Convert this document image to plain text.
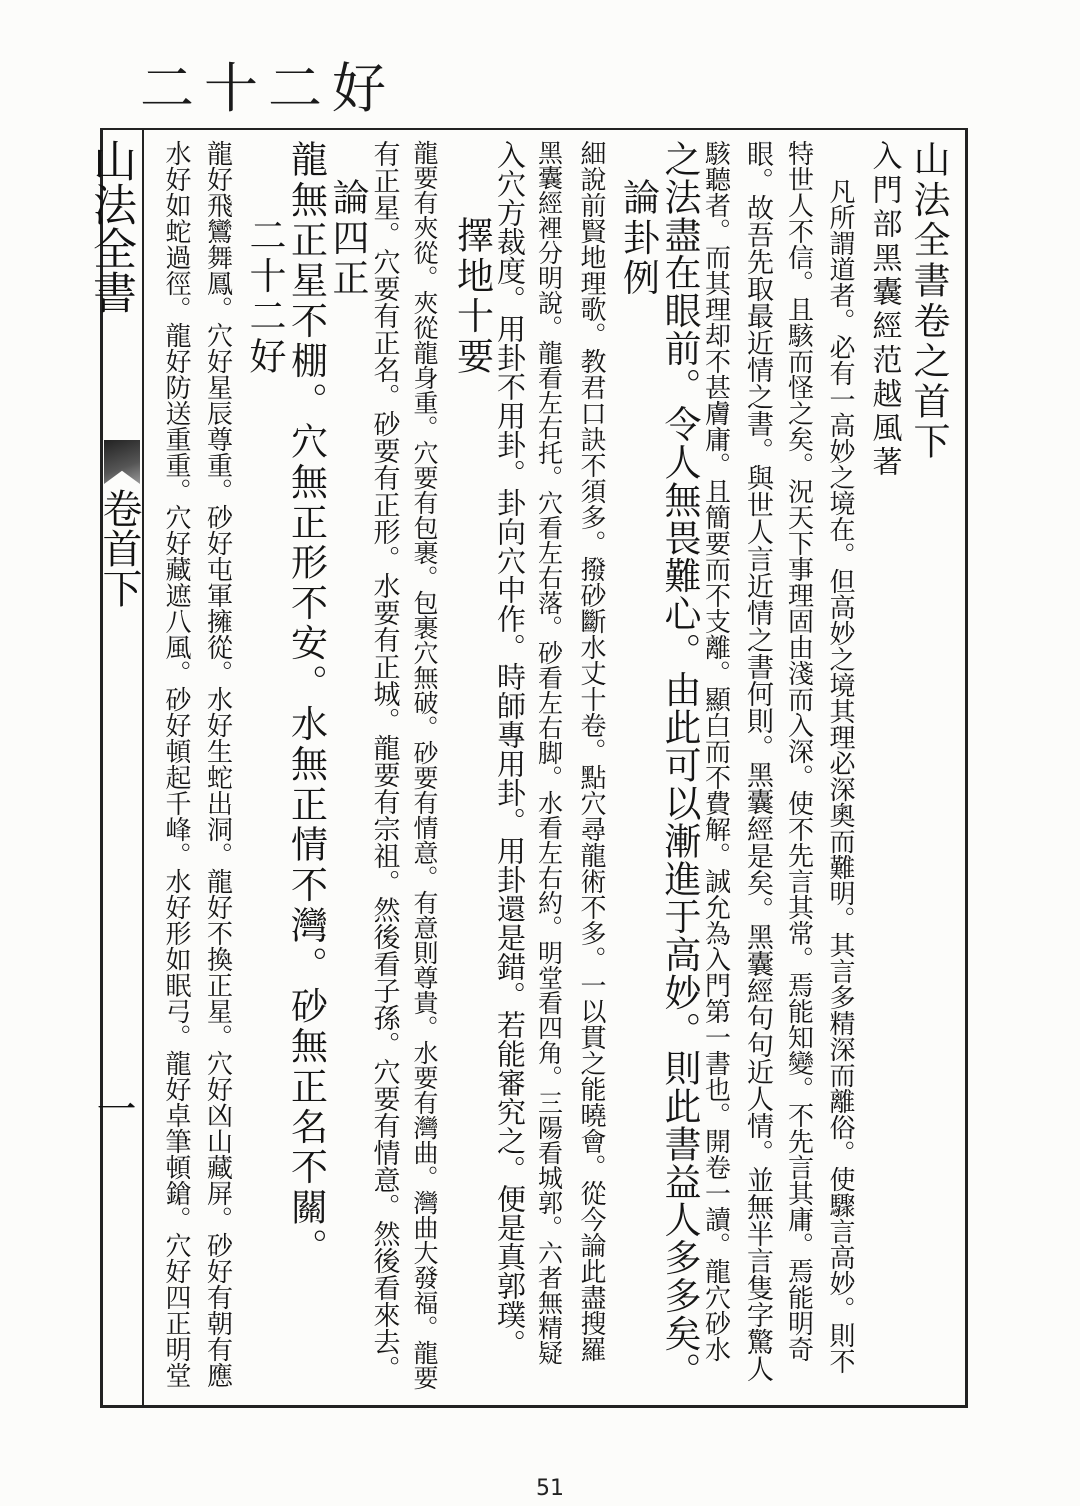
二十二好
山法全書
卷首下
一
山法全書卷之首下
入門部黑囊經范越風著
凡所謂道者。必有一高妙之境在。但高妙之境其理必深奧而難明。其言多精深而離俗。使驟言高妙。則不
特世人不信。且駭而怪之矣。況天下事理固由淺而入深。使不先言其常。焉能知變。不先言其庸。焉能明奇
眼。故吾先取最近情之書。與世人言近情之書何則。黑囊經是矣。黑囊經句句近人情。並無半言隻字驚人
駭聽者。而其理却不甚膚庸。且簡要而不支離。顯白而不費解。誠允為入門第一書也。開卷一讀。龍穴砂水
之法盡在眼前。令人無畏難心。由此可以漸進于高妙。則此書益人多多矣。
論卦例
細說前賢地理歌。教君口訣不須多。撥砂斷水丈十卷。點穴尋龍術不多。一以貫之能曉會。從今論此盡搜羅
黑囊經裡分明說。龍看左右托。穴看左右落。砂看左右脚。水看左右約。明堂看四角。三陽看城郭。六者無精疑
入穴方裁度。用卦不用卦。卦向穴中作。時師專用卦。用卦還是錯。若能審究之。便是真郭璞。
擇地十要
龍要有夾從。夾從龍身重。穴要有包裹。包裹穴無破。砂要有情意。有意則尊貴。水要有灣曲。灣曲大發福。龍要
有正星。穴要有正名。砂要有正形。水要有正城。龍要有宗祖。然後看子孫。穴要有情意。然後看來去。
論四正
龍無正星不棚。穴無正形不安。水無正情不灣。砂無正名不關。
二十二好
龍好飛鸞舞鳳。穴好星辰尊重。砂好屯軍擁從。水好生蛇出洞。龍好不換正星。穴好凶山藏屏。砂好有朝有應
水好如蛇過徑。龍好防送重重。穴好藏遮八風。砂好頓起千峰。水好形如眠弓。龍好卓筆頓鎗。穴好四正明堂
51
